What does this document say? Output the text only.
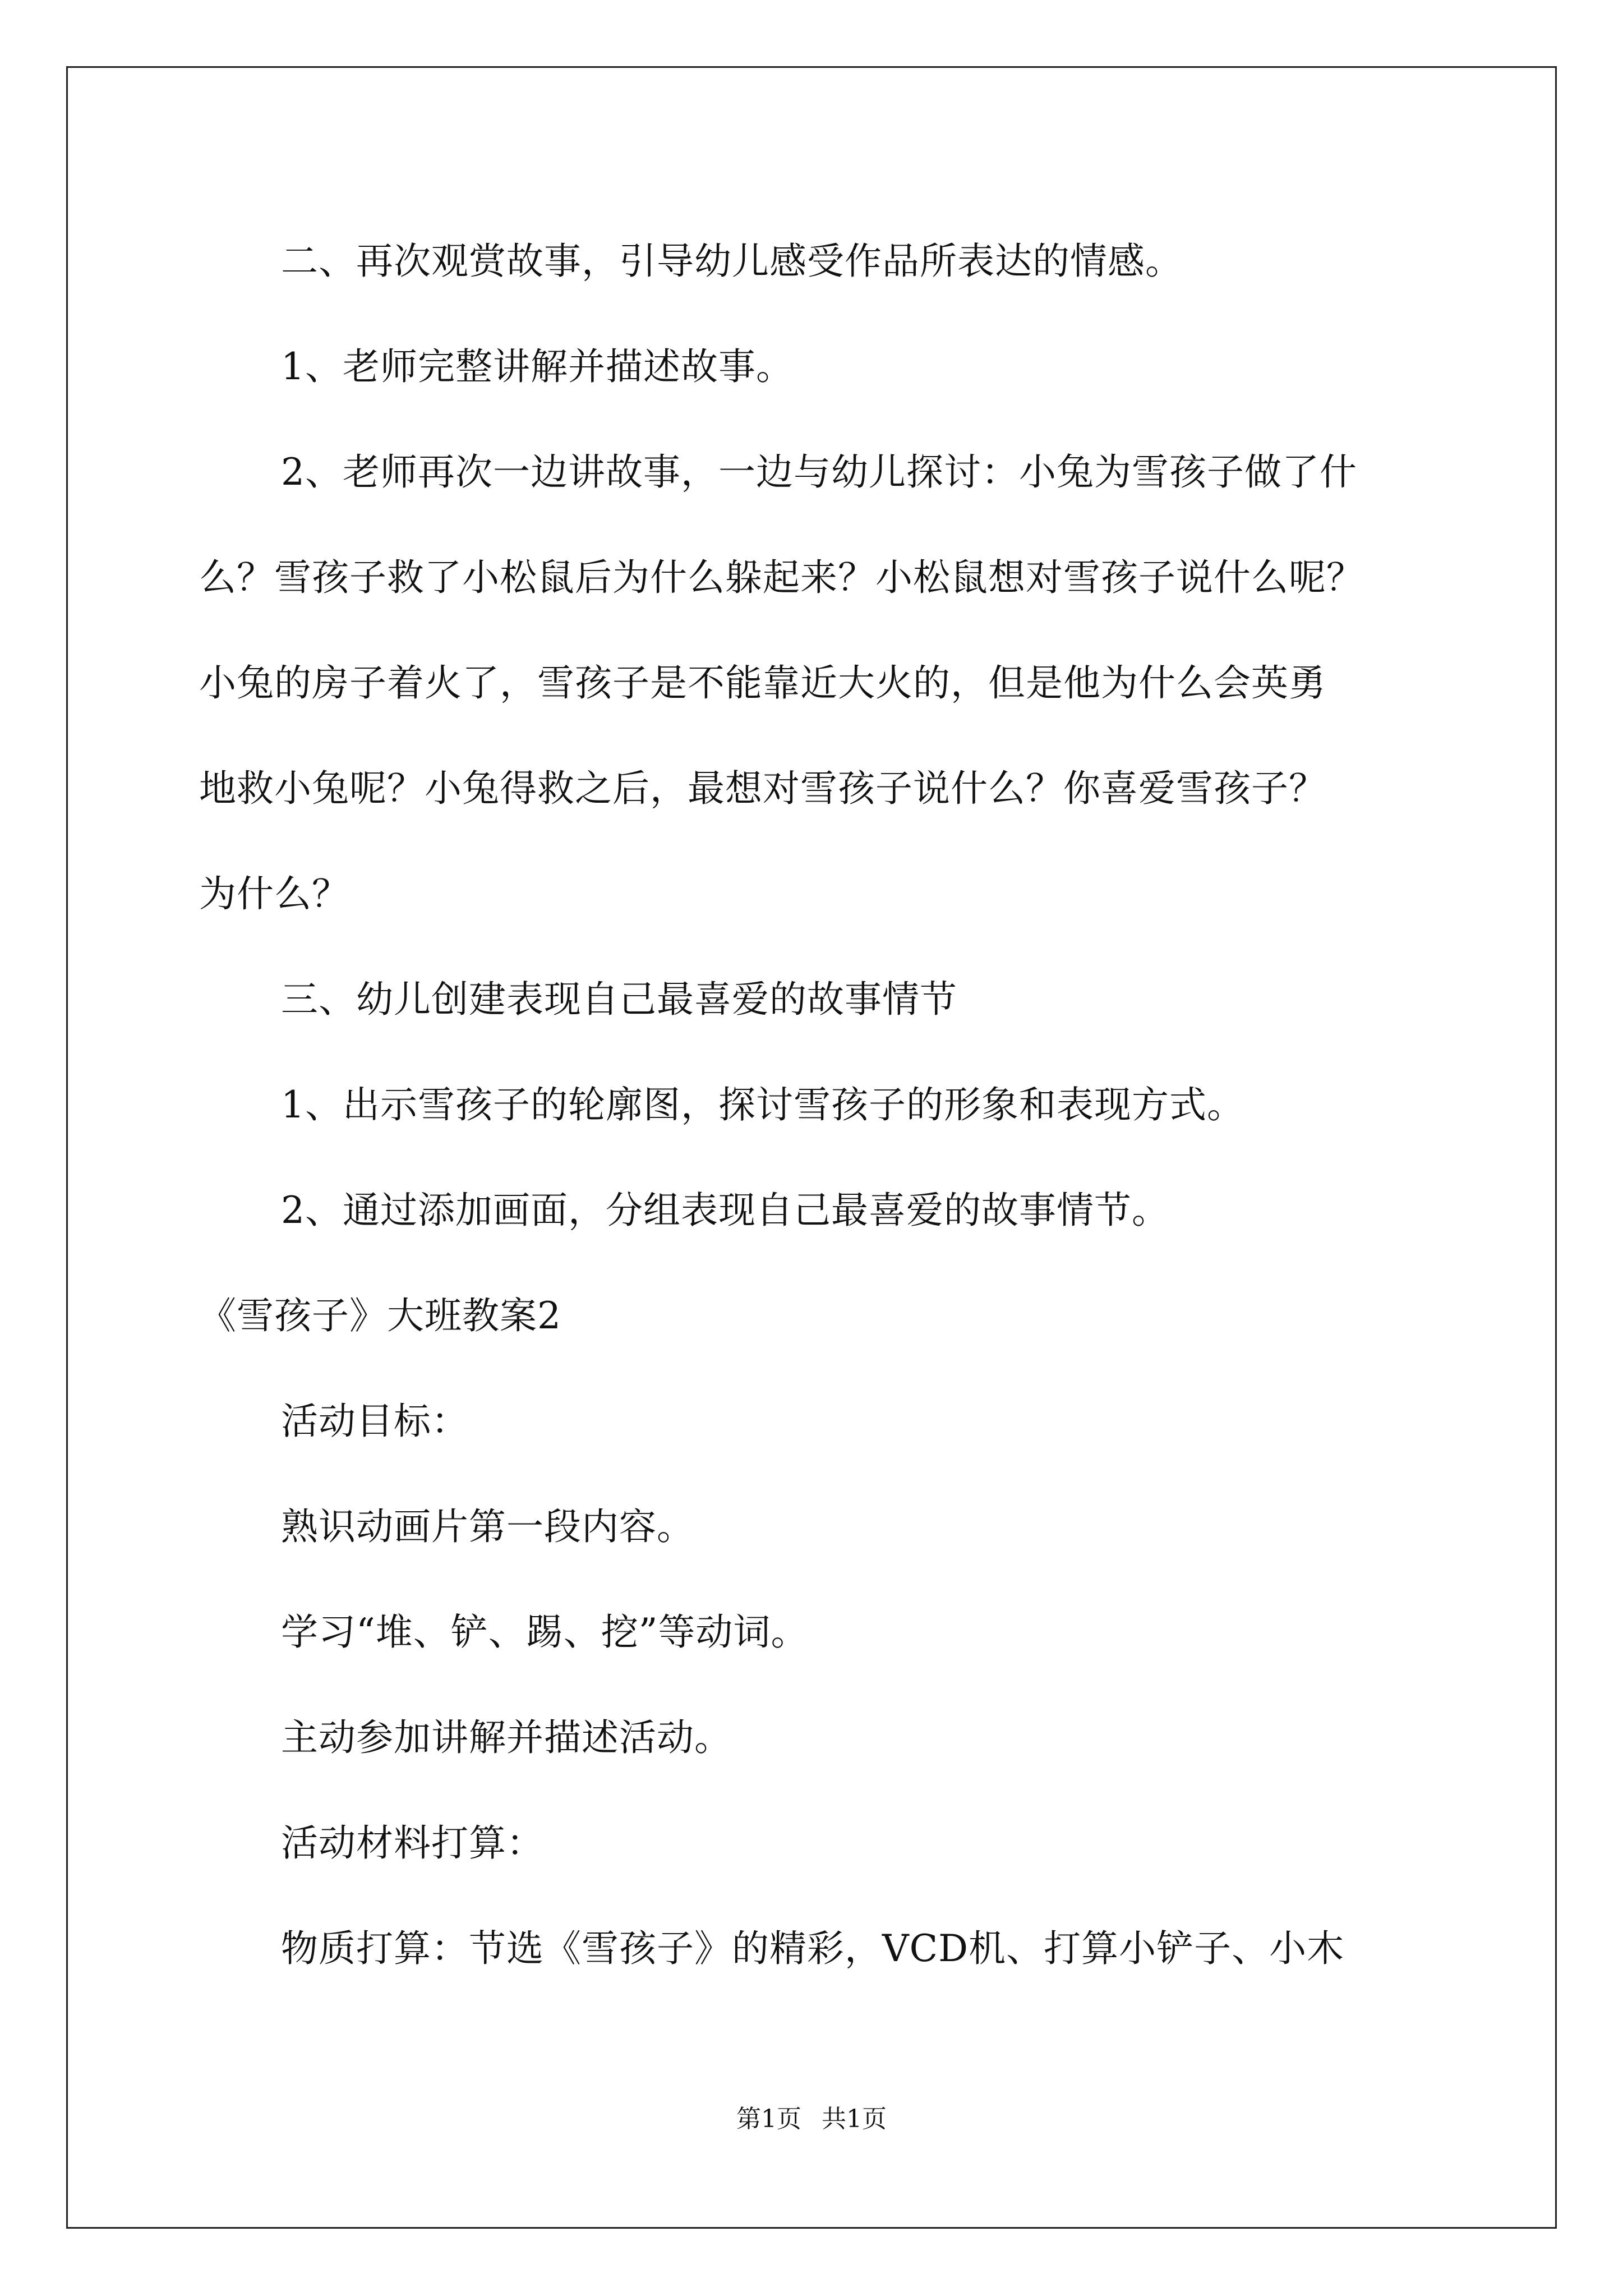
二、再次观赏故事，引导幼儿感受作品所表达的情感。
1、老师完整讲解并描述故事。
2、老师再次一边讲故事，一边与幼儿探讨：小兔为雪孩子做了什
么？雪孩子救了小松鼠后为什么躲起来？小松鼠想对雪孩子说什么呢？
小兔的房子着火了，雪孩子是不能靠近大火的，但是他为什么会英勇
地救小兔呢？小兔得救之后，最想对雪孩子说什么？你喜爱雪孩子？
为什么？
三、幼儿创建表现自己最喜爱的故事情节
1、出示雪孩子的轮廓图，探讨雪孩子的形象和表现方式。
2、通过添加画面，分组表现自己最喜爱的故事情节。
《雪孩子》大班教案2
活动目标：
熟识动画片第一段内容。
学习“堆、铲、踢、挖”等动词。
主动参加讲解并描述活动。
活动材料打算：
物质打算：节选《雪孩子》的精彩，VCD机、打算小铲子、小木
第1页 共1页
